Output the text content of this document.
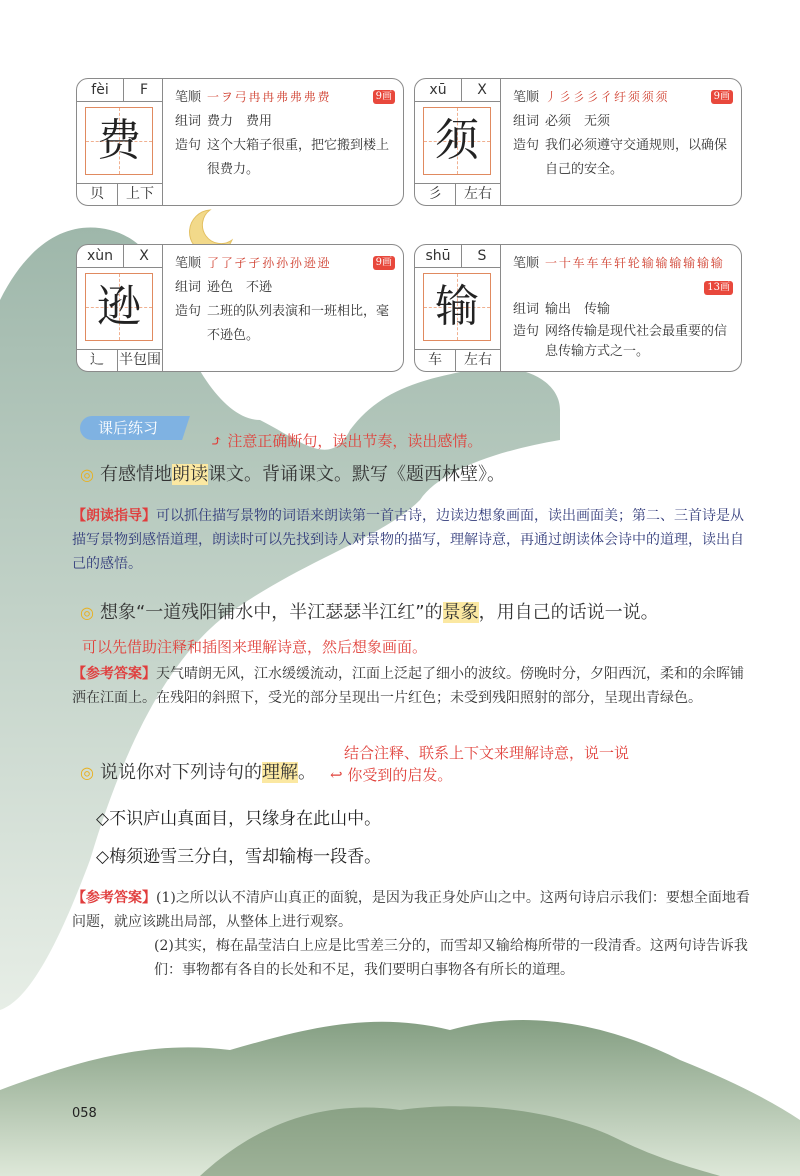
fèi	F
费
贝	上下
笔顺 一 ヲ 弓 冉 冉 弗 弗 弗 费
组词 费力　费用
造句 这个大箱子很重，把它搬到楼上
很费力。
9画	xū	X
须
彡	左右
笔顺 丿 彡 彡 彡 彳 纡 须 须 须
组词 必须　无须
造句 我们必须遵守交通规则，以确保
自己的安全。
9画
xùn	X
逊
辶	半包围
笔顺 了 了 孑 孑 孙 孙 孙 逊 逊
组词 逊色　不逊
造句 二班的队列表演和一班相比，毫
不逊色。
9画	shū	S
输
车	左右
笔顺 一 十 车 车 车 轩 轮 输 输 输 输 输 输
组词 输出　传输
造句 网络传输是现代社会最重要的信
息传输方式之一。
13画
课后练习
⤴ 注意正确断句，读出节奏，读出感情。
◎ 有感情地朗读课文。背诵课文。默写《题西林壁》。
【朗读指导】可以抓住描写景物的词语来朗读第一首古诗，边读边想象画面，读出画面美；第二、三首诗是从描写景物到感悟道理，朗读时可以先找到诗人对景物的描写，理解诗意，再通过朗读体会诗中的道理，读出自己的感悟。
◎ 想象“一道残阳铺水中，半江瑟瑟半江红”的景象，用自己的话说一说。
可以先借助注释和插图来理解诗意，然后想象画面。
【参考答案】天气晴朗无风，江水缓缓流动，江面上泛起了细小的波纹。傍晚时分，夕阳西沉，柔和的余晖铺洒在江面上。在残阳的斜照下，受光的部分呈现出一片红色；未受到残阳照射的部分，呈现出青绿色。
结合注释、联系上下文来理解诗意，说一说
↩ 你受到的启发。
◎ 说说你对下列诗句的理解。
◇不识庐山真面目，只缘身在此山中。
◇梅须逊雪三分白，雪却输梅一段香。
【参考答案】(1)之所以认不清庐山真正的面貌，是因为我正身处庐山之中。这两句诗启示我们：要想全面地看问题，就应该跳出局部，从整体上进行观察。
(2)其实，梅在晶莹洁白上应是比雪差三分的，而雪却又输给梅所带的一段清香。这两句诗告诉我们：事物都有各自的长处和不足，我们要明白事物各有所长的道理。
058
